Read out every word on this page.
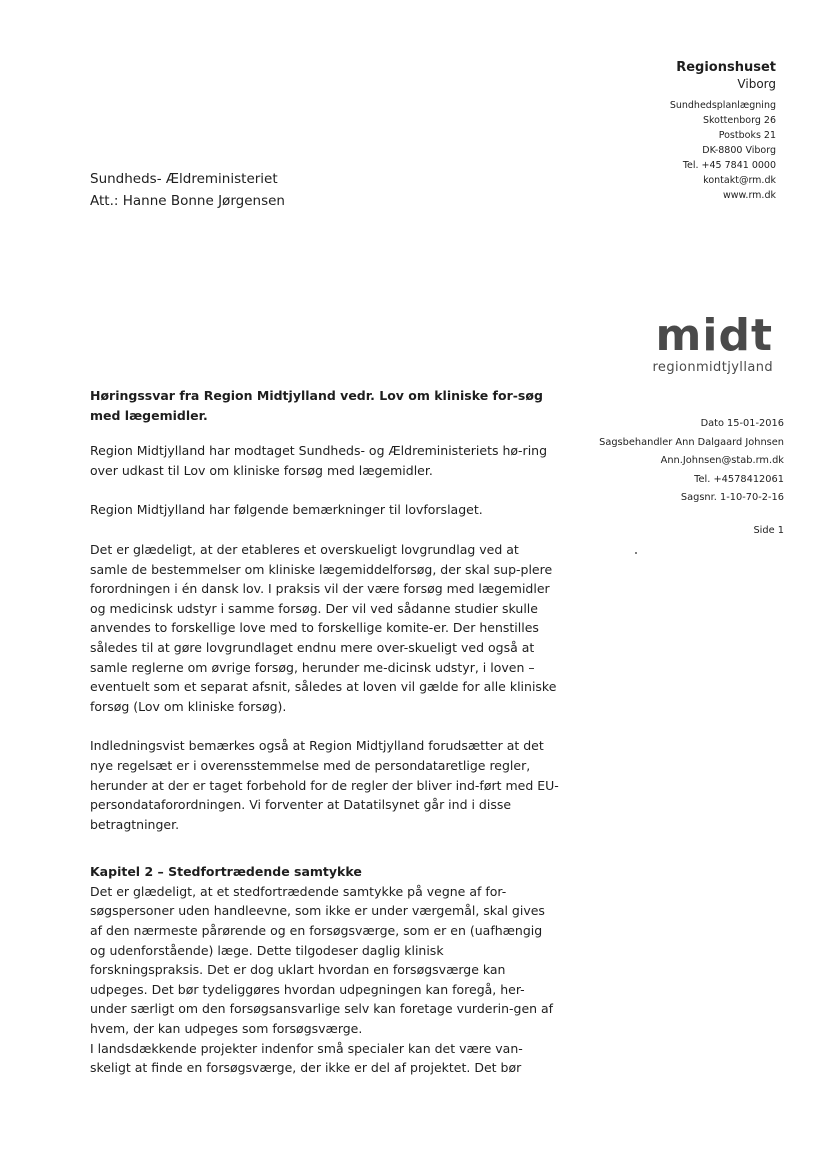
Regionshuset
Viborg
Sundhedsplanlægning
Skottenborg 26
Postboks 21
DK-8800 Viborg
Tel. +45 7841 0000
kontakt@rm.dk
www.rm.dk
Sundheds- Ældreministeriet
Att.: Hanne Bonne Jørgensen
midt
regionmidtjylland
Dato 15-01-2016
Sagsbehandler Ann Dalgaard Johnsen
Ann.Johnsen@stab.rm.dk
Tel. +4578412061
Sagsnr. 1-10-70-2-16
Side 1

Høringssvar fra Region Midtjylland vedr. Lov om kliniske for-søg med lægemidler.

Region Midtjylland har modtaget Sundheds- og Ældreministeriets hø-ring over udkast til Lov om kliniske forsøg med lægemidler.

Region Midtjylland har følgende bemærkninger til lovforslaget.

Det er glædeligt, at der etableres et overskueligt lovgrundlag ved at samle de bestemmelser om kliniske lægemiddelforsøg, der skal sup-plere forordningen i én dansk lov. I praksis vil der være forsøg med lægemidler og medicinsk udstyr i samme forsøg. Der vil ved sådanne studier skulle anvendes to forskellige love med to forskellige komite-er. Der henstilles således til at gøre lovgrundlaget endnu mere over-skueligt ved også at samle reglerne om øvrige forsøg, herunder me-dicinsk udstyr, i loven – eventuelt som et separat afsnit, således at loven vil gælde for alle kliniske forsøg (Lov om kliniske forsøg).

Indledningsvist bemærkes også at Region Midtjylland forudsætter at det nye regelsæt er i overensstemmelse med de persondataretlige regler, herunder at der er taget forbehold for de regler der bliver ind-ført med EU-persondataforordningen. Vi forventer at Datatilsynet går ind i disse betragtninger.

Kapitel 2 – Stedfortrædende samtykke

Det er glædeligt, at et stedfortrædende samtykke på vegne af for-søgspersoner uden handleevne, som ikke er under værgemål, skal gives af den nærmeste pårørende og en forsøgsværge, som er en (uafhængig og udenforstående) læge. Dette tilgodeser daglig klinisk forskningspraksis. Det er dog uklart hvordan en forsøgsværge kan udpeges. Det bør tydeliggøres hvordan udpegningen kan foregå, her-under særligt om den forsøgsansvarlige selv kan foretage vurderin-gen af hvem, der kan udpeges som forsøgsværge.

I landsdækkende projekter indenfor små specialer kan det være van-skeligt at finde en forsøgsværge, der ikke er del af projektet. Det bør
